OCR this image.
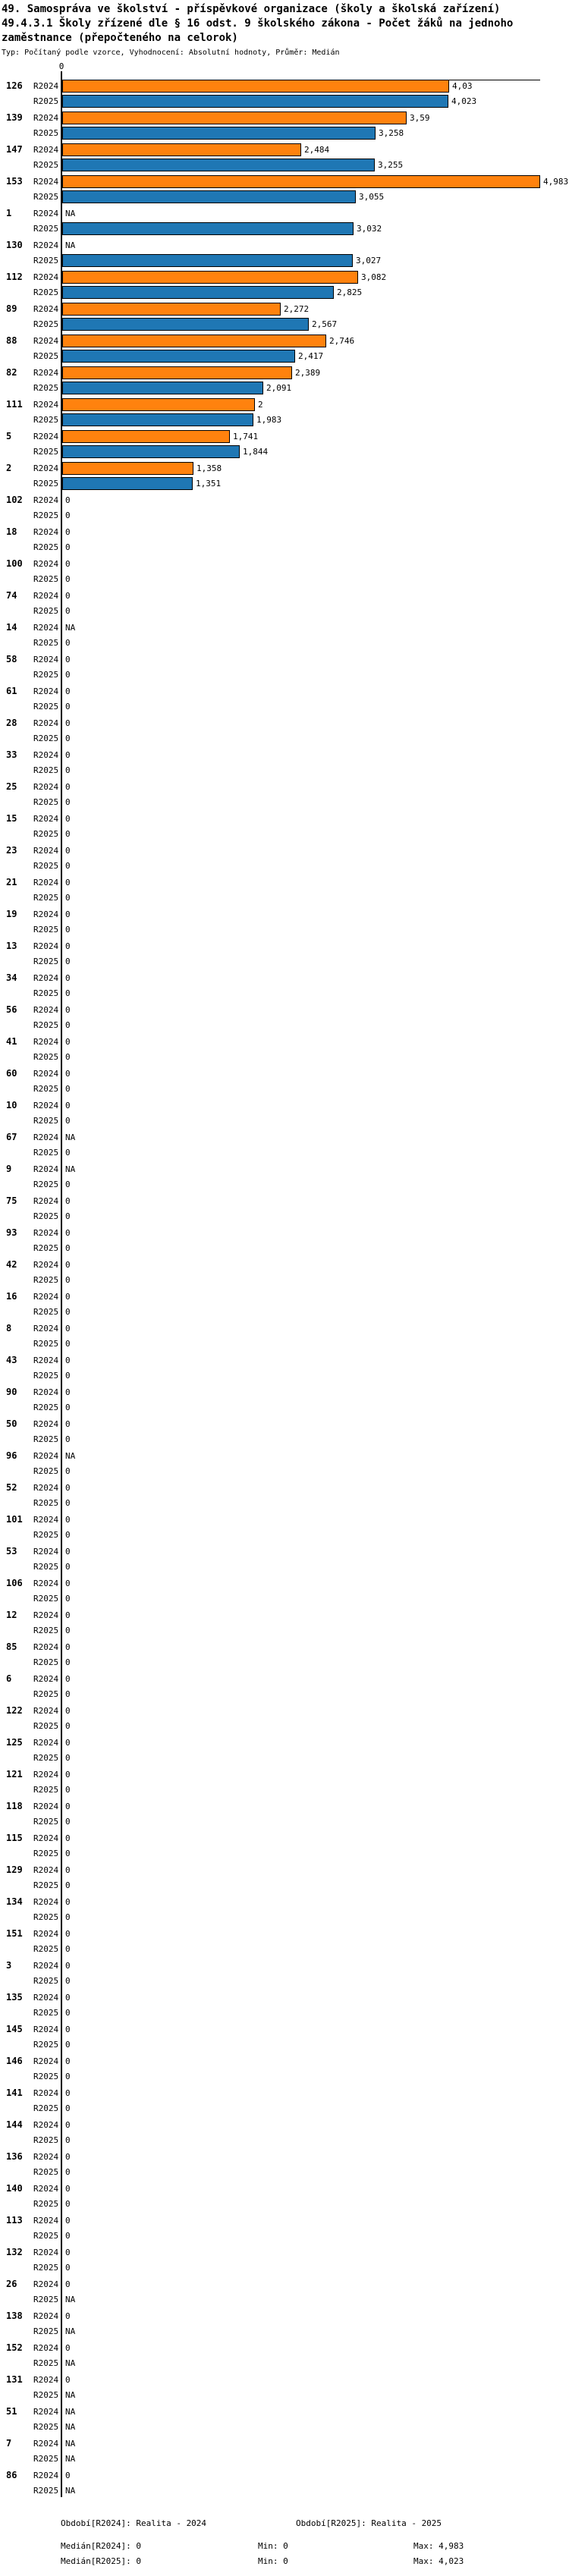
49. Samospráva ve školství - příspěvkové organizace (školy a školská zařízení)
49.4.3.1 Školy zřízené dle § 16 odst. 9 školského zákona - Počet žáků na jednoho zaměstnance (přepočteného na celorok)
Typ: Počítaný podle vzorce, Vyhodnocení: Absolutní hodnoty, Průměr: Medián
0
126	R2024	4,03
R2025	4,023
139	R2024	3,59
R2025	3,258
147	R2024	2,484
R2025	3,255
153	R2024	4,983
R2025	3,055
1	R2024 NA
R2025	3,032
130	R2024 NA
R2025	3,027
112	R2024	3,082
R2025	2,825
89	R2024	2,272
R2025	2,567
88	R2024	2,746
R2025	2,417
82	R2024	2,389
R2025	2,091
111	R2024	2
R2025	1,983
5	R2024	1,741
R2025	1,844
2	R2024	1,358
R2025	1,351
102	R2024 0
R2025 0
18	R2024 0
R2025 0
100	R2024 0
R2025 0
74	R2024 0
R2025 0
14	R2024 NA
R2025 0
58	R2024 0
R2025 0
61	R2024 0
R2025 0
28	R2024 0
R2025 0
33	R2024 0
R2025 0
25	R2024 0
R2025 0
15	R2024 0
R2025 0
23	R2024 0
R2025 0
21	R2024 0
R2025 0
19	R2024 0
R2025 0
13	R2024 0
R2025 0
34	R2024 0
R2025 0
56	R2024 0
R2025 0
41	R2024 0
R2025 0
60	R2024 0
R2025 0
10	R2024 0
R2025 0
67	R2024 NA
R2025 0
9	R2024 NA
R2025 0
75	R2024 0
R2025 0
93	R2024 0
R2025 0
42	R2024 0
R2025 0
16	R2024 0
R2025 0
8	R2024 0
R2025 0
43	R2024 0
R2025 0
90	R2024 0
R2025 0
50	R2024 0
R2025 0
96	R2024 NA
R2025 0
52	R2024 0
R2025 0
101	R2024 0
R2025 0
53	R2024 0
R2025 0
106	R2024 0
R2025 0
12	R2024 0
R2025 0
85	R2024 0
R2025 0
6	R2024 0
R2025 0
122	R2024 0
R2025 0
125	R2024 0
R2025 0
121	R2024 0
R2025 0
118	R2024 0
R2025 0
115	R2024 0
R2025 0
129	R2024 0
R2025 0
134	R2024 0
R2025 0
151	R2024 0
R2025 0
3	R2024 0
R2025 0
135	R2024 0
R2025 0
145	R2024 0
R2025 0
146	R2024 0
R2025 0
141	R2024 0
R2025 0
144	R2024 0
R2025 0
136	R2024 0
R2025 0
140	R2024 0
R2025 0
113	R2024 0
R2025 0
132	R2024 0
R2025 0
26	R2024 0
R2025 NA
138	R2024 0
R2025 NA
152	R2024 0
R2025 NA
131	R2024 0
R2025 NA
51	R2024 NA
R2025 NA
7	R2024 NA
R2025 NA
86	R2024 0
R2025 NA
Období[R2024]: Realita - 2024	Období[R2025]: Realita - 2025
Medián[R2024]: 0	Min: 0	Max: 4,983
Medián[R2025]: 0	Min: 0	Max: 4,023
